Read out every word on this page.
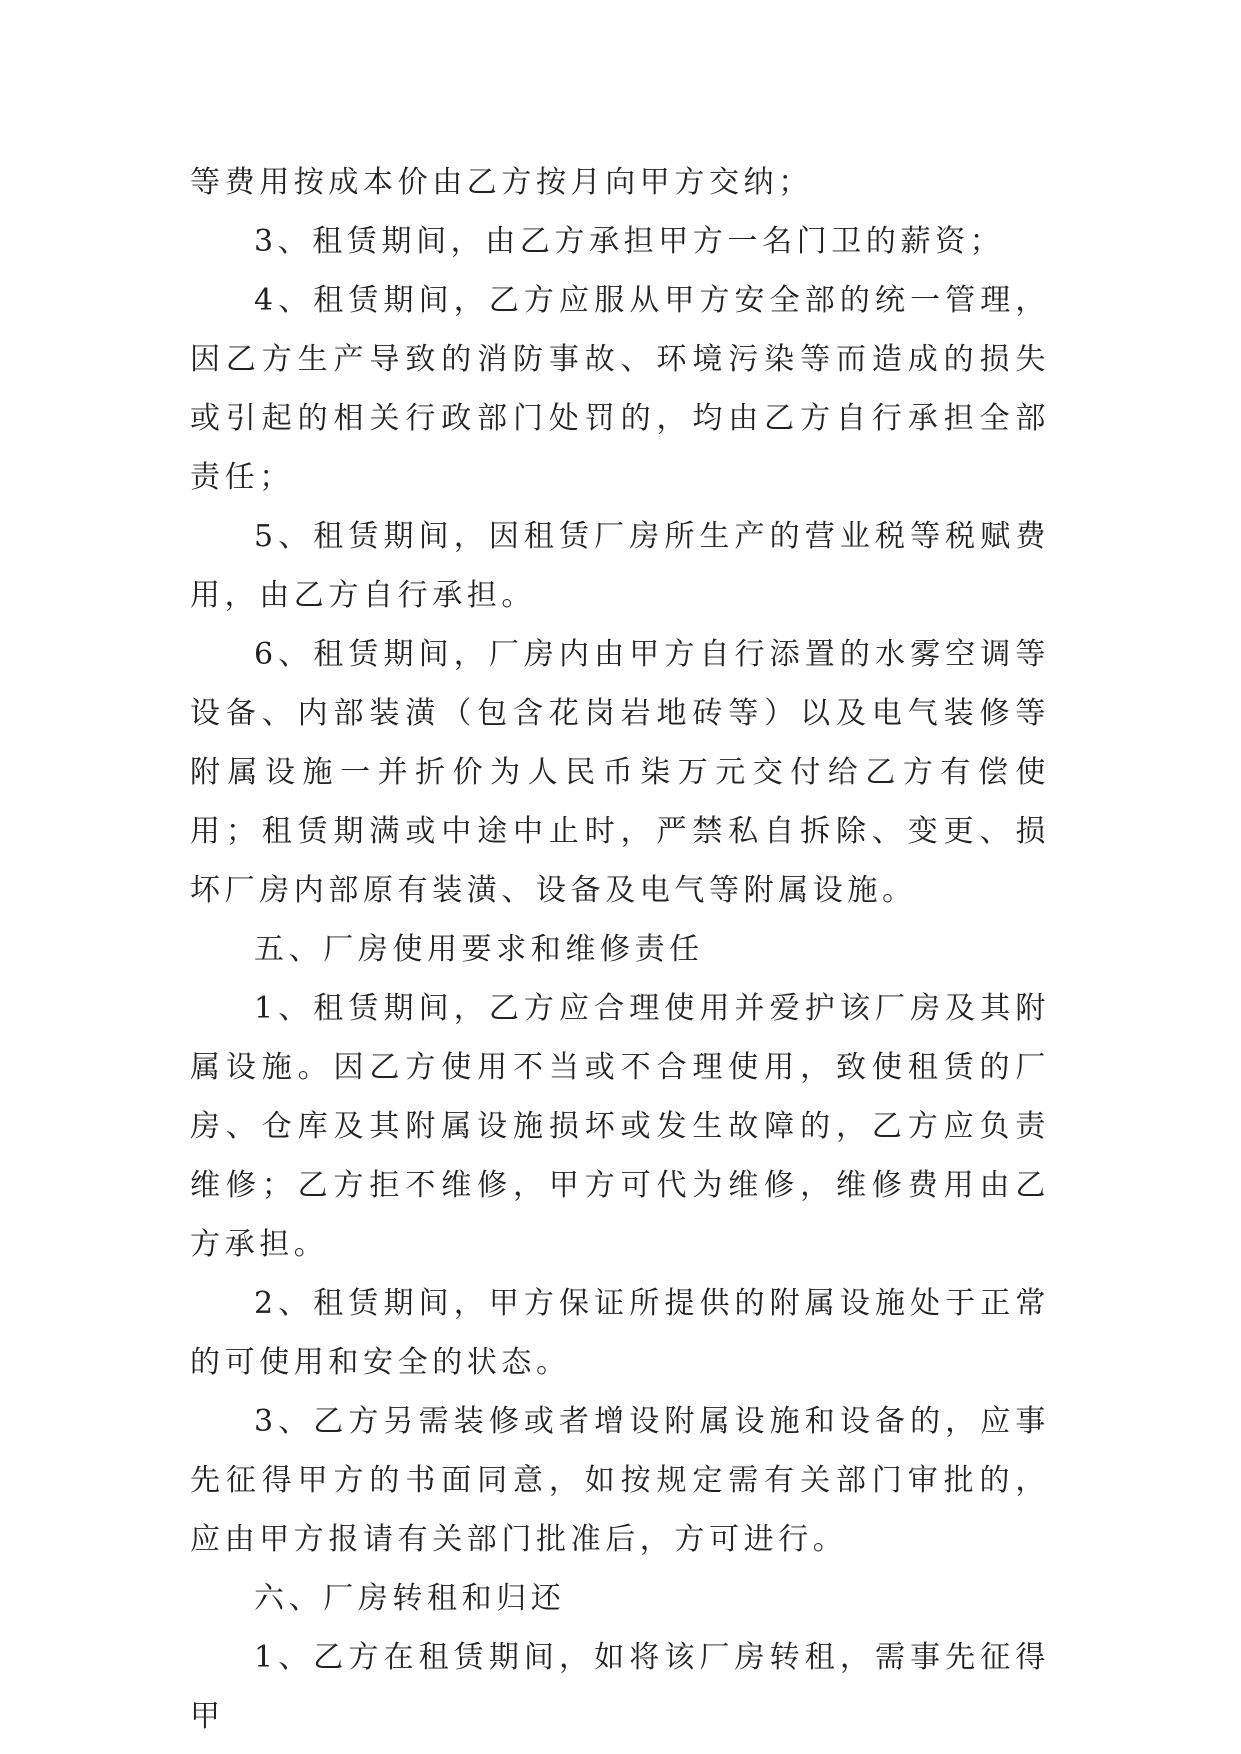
等费用按成本价由乙方按月向甲方交纳；

3、租赁期间，由乙方承担甲方一名门卫的薪资；

4、租赁期间，乙方应服从甲方安全部的统一管理，因乙方生产导致的消防事故、环境污染等而造成的损失或引起的相关行政部门处罚的，均由乙方自行承担全部责任；

5、租赁期间，因租赁厂房所生产的营业税等税赋费用，由乙方自行承担。

6、租赁期间，厂房内由甲方自行添置的水雾空调等设备、内部装潢（包含花岗岩地砖等）以及电气装修等附属设施一并折价为人民币柒万元交付给乙方有偿使用；租赁期满或中途中止时，严禁私自拆除、变更、损坏厂房内部原有装潢、设备及电气等附属设施。

五、厂房使用要求和维修责任

1、租赁期间，乙方应合理使用并爱护该厂房及其附属设施。因乙方使用不当或不合理使用，致使租赁的厂房、仓库及其附属设施损坏或发生故障的，乙方应负责维修；乙方拒不维修，甲方可代为维修，维修费用由乙方承担。

2、租赁期间，甲方保证所提供的附属设施处于正常的可使用和安全的状态。

3、乙方另需装修或者增设附属设施和设备的，应事先征得甲方的书面同意，如按规定需有关部门审批的，应由甲方报请有关部门批准后，方可进行。

六、厂房转租和归还

1、乙方在租赁期间，如将该厂房转租，需事先征得甲
